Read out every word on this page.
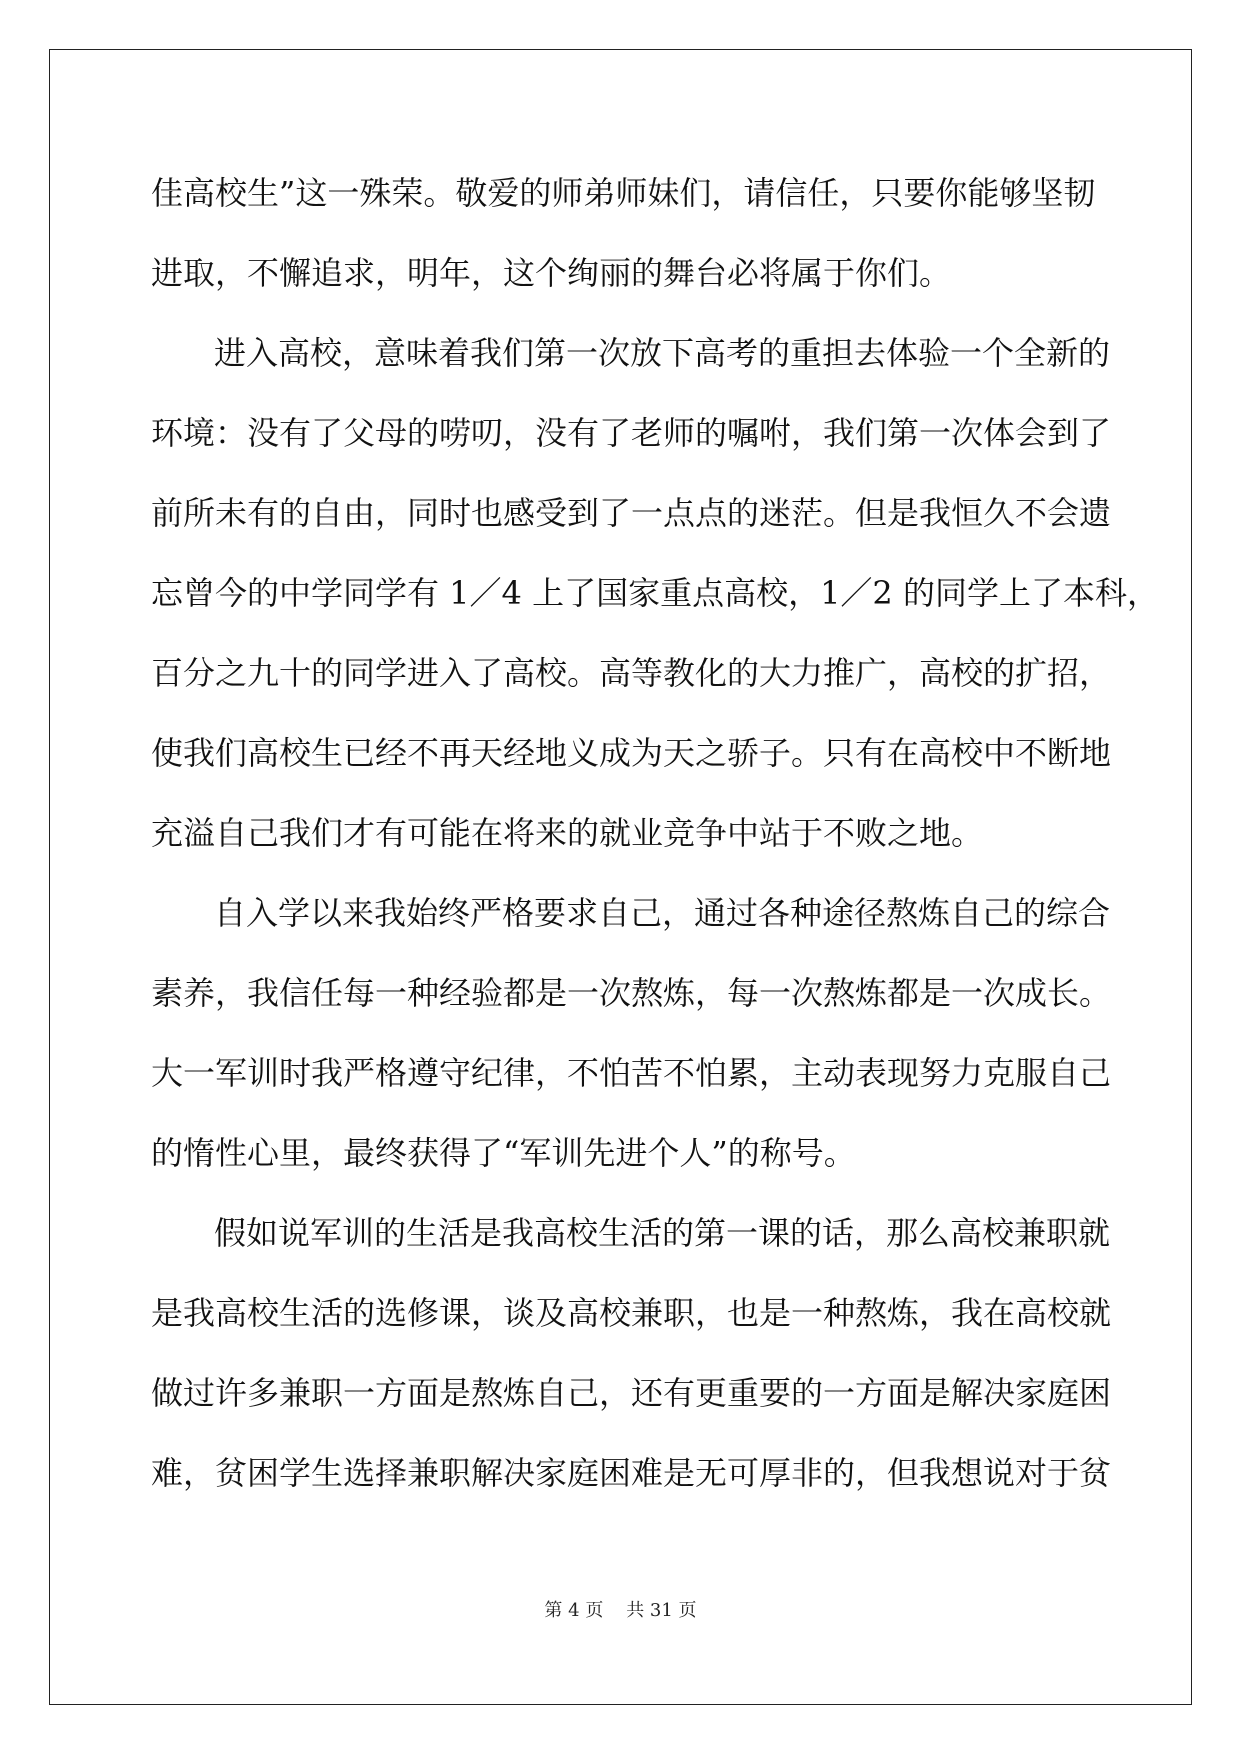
佳高校生”这一殊荣。敬爱的师弟师妹们，请信任，只要你能够坚韧
进取，不懈追求，明年，这个绚丽的舞台必将属于你们。
进入高校，意味着我们第一次放下高考的重担去体验一个全新的
环境：没有了父母的唠叨，没有了老师的嘱咐，我们第一次体会到了
前所未有的自由，同时也感受到了一点点的迷茫。但是我恒久不会遗
忘曾今的中学同学有 1／4 上了国家重点高校，1／2 的同学上了本科，
百分之九十的同学进入了高校。高等教化的大力推广，高校的扩招，
使我们高校生已经不再天经地义成为天之骄子。只有在高校中不断地
充溢自己我们才有可能在将来的就业竞争中站于不败之地。
自入学以来我始终严格要求自己，通过各种途径熬炼自己的综合
素养，我信任每一种经验都是一次熬炼，每一次熬炼都是一次成长。
大一军训时我严格遵守纪律，不怕苦不怕累，主动表现努力克服自己
的惰性心里，最终获得了“军训先进个人”的称号。
假如说军训的生活是我高校生活的第一课的话，那么高校兼职就
是我高校生活的选修课，谈及高校兼职，也是一种熬炼，我在高校就
做过许多兼职一方面是熬炼自己，还有更重要的一方面是解决家庭困
难，贫困学生选择兼职解决家庭困难是无可厚非的，但我想说对于贫
第 4 页    共 31 页
